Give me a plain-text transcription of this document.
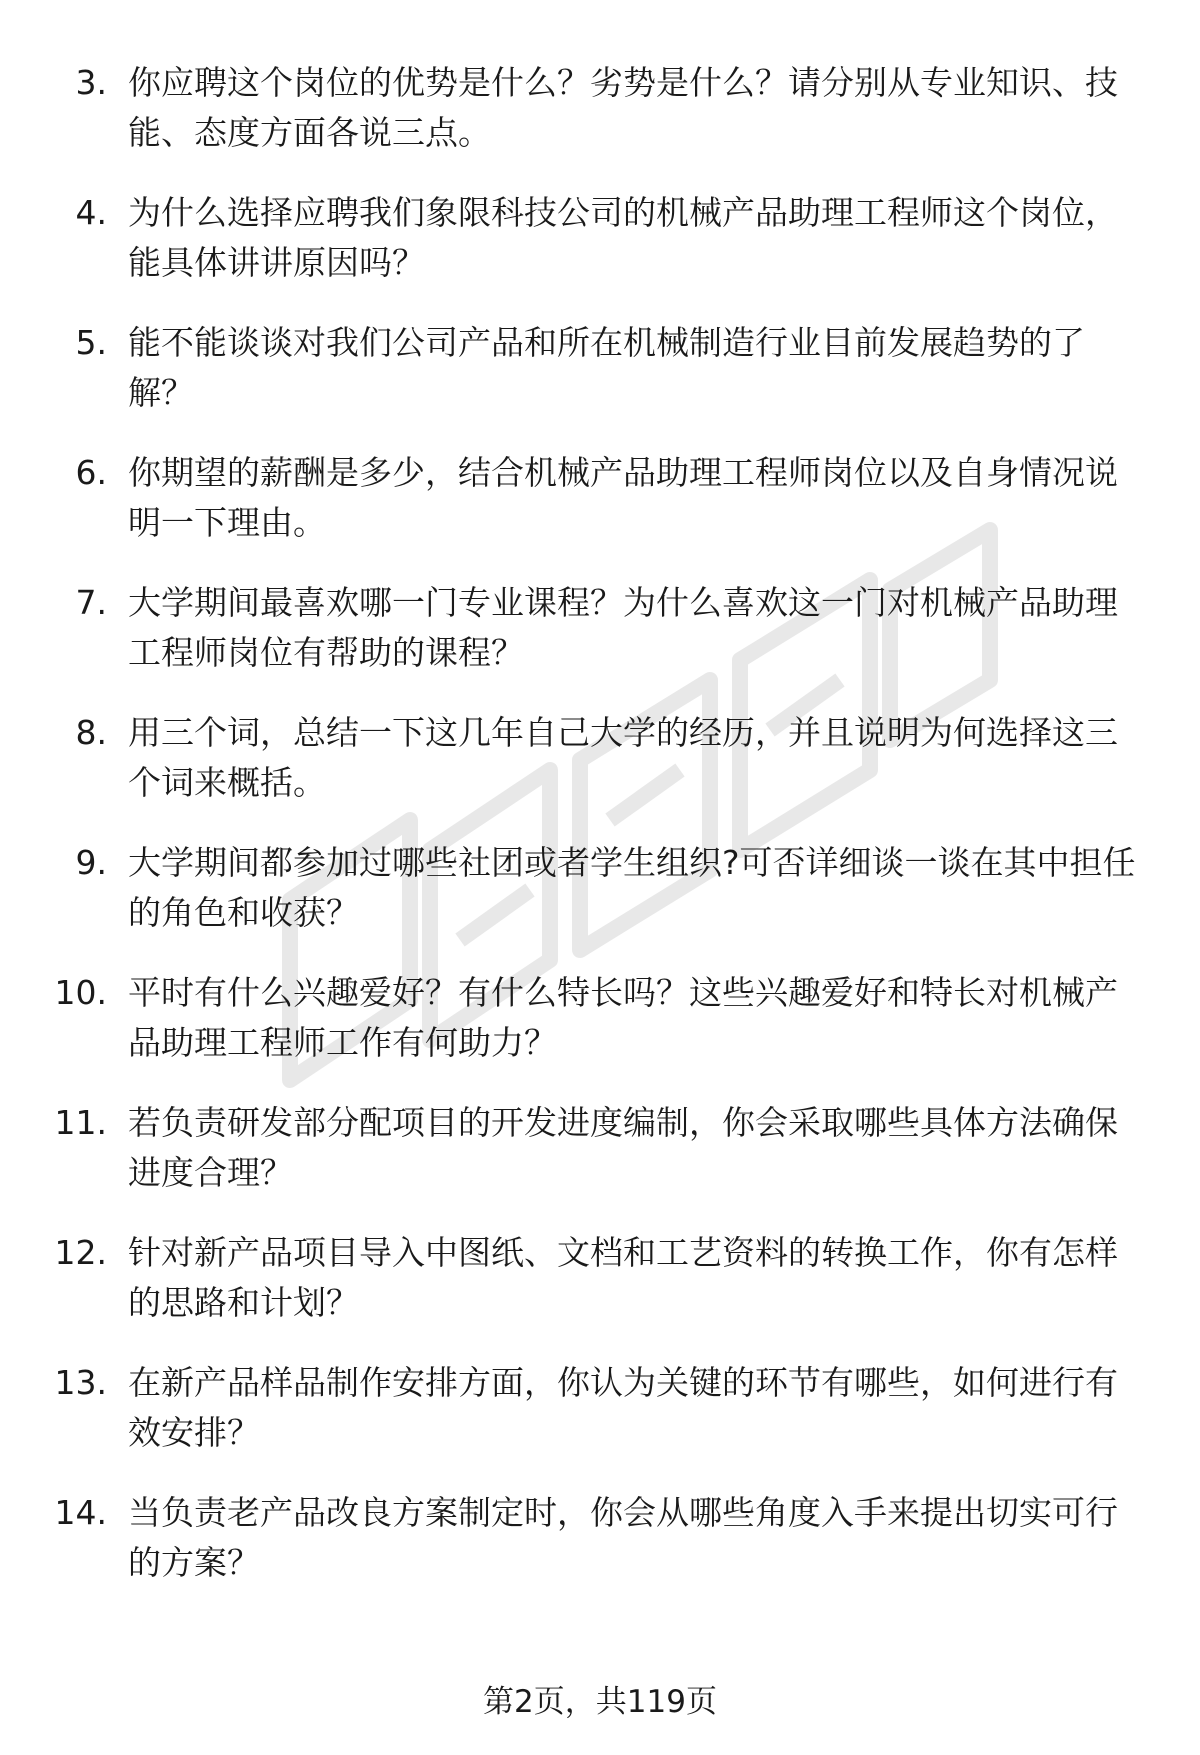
3. 你应聘这个岗位的优势是什么？劣势是什么？请分别从专业知识、技能、态度方面各说三点。

4. 为什么选择应聘我们象限科技公司的机械产品助理工程师这个岗位，能具体讲讲原因吗？

5. 能不能谈谈对我们公司产品和所在机械制造行业目前发展趋势的了解？

6. 你期望的薪酬是多少，结合机械产品助理工程师岗位以及自身情况说明一下理由。

7. 大学期间最喜欢哪一门专业课程？为什么喜欢这一门对机械产品助理工程师岗位有帮助的课程？

8. 用三个词，总结一下这几年自己大学的经历，并且说明为何选择这三个词来概括。

9. 大学期间都参加过哪些社团或者学生组织?可否详细谈一谈在其中担任的角色和收获？

10. 平时有什么兴趣爱好？有什么特长吗？这些兴趣爱好和特长对机械产品助理工程师工作有何助力？

11. 若负责研发部分配项目的开发进度编制，你会采取哪些具体方法确保进度合理？

12. 针对新产品项目导入中图纸、文档和工艺资料的转换工作，你有怎样的思路和计划？

13. 在新产品样品制作安排方面，你认为关键的环节有哪些，如何进行有效安排？

14. 当负责老产品改良方案制定时，你会从哪些角度入手来提出切实可行的方案？

第2页，共119页
